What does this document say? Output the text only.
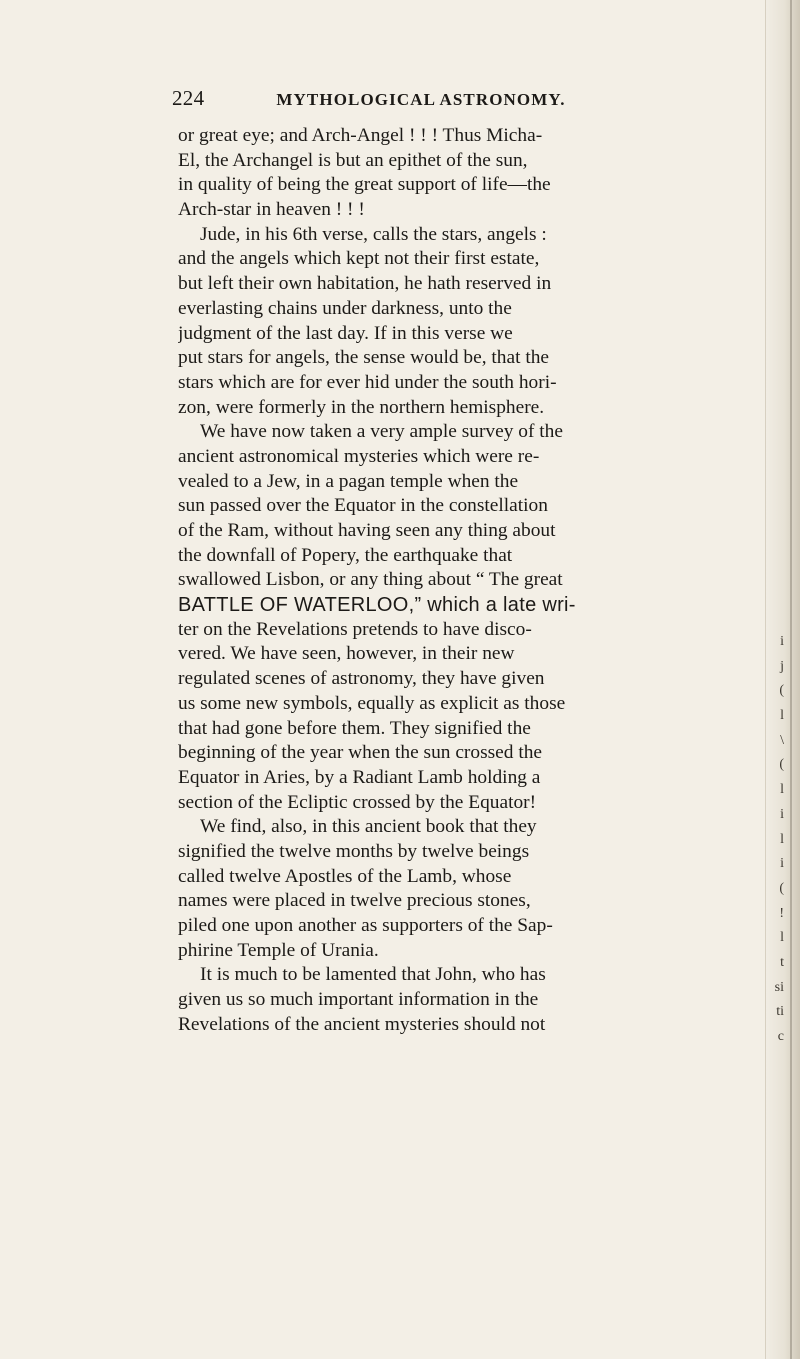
224	MYTHOLOGICAL ASTRONOMY.
or great eye; and Arch-Angel ! ! ! Thus Micha-
El, the Archangel is but an epithet of the sun,
in quality of being the great support of life—the
Arch-star in heaven ! ! !
Jude, in his 6th verse, calls the stars, angels :
and the angels which kept not their first estate,
but left their own habitation, he hath reserved in
everlasting chains under darkness, unto the
judgment of the last day. If in this verse we
put stars for angels, the sense would be, that the
stars which are for ever hid under the south hori-
zon, were formerly in the northern hemisphere.
We have now taken a very ample survey of the
ancient astronomical mysteries which were re-
vealed to a Jew, in a pagan temple when the
sun passed over the Equator in the constellation
of the Ram, without having seen any thing about
the downfall of Popery, the earthquake that
swallowed Lisbon, or any thing about “ The great
BATTLE OF WATERLOO,” which a late wri-
ter on the Revelations pretends to have disco-
vered. We have seen, however, in their new
regulated scenes of astronomy, they have given
us some new symbols, equally as explicit as those
that had gone before them. They signified the
beginning of the year when the sun crossed the
Equator in Aries, by a Radiant Lamb holding a
section of the Ecliptic crossed by the Equator!
We find, also, in this ancient book that they
signified the twelve months by twelve beings
called twelve Apostles of the Lamb, whose
names were placed in twelve precious stones,
piled one upon another as supporters of the Sap-
phirine Temple of Urania.
It is much to be lamented that John, who has
given us so much important information in the
Revelations of the ancient mysteries should not
i
j
(
l
\
(
l
i
l
i
(
!
l
t
si
ti
c
